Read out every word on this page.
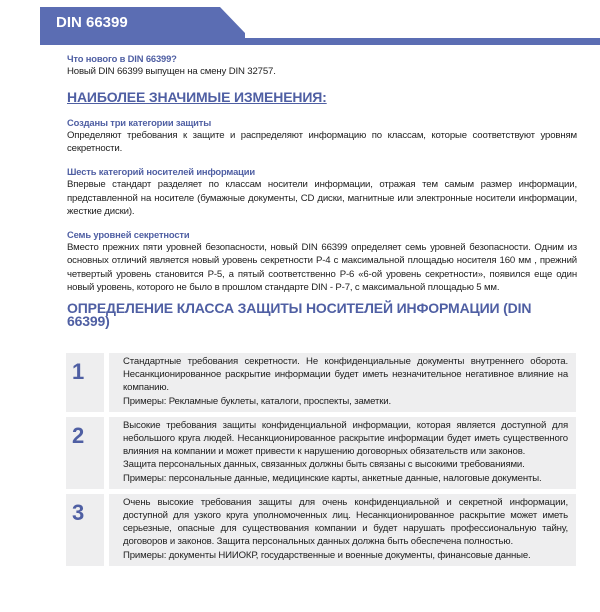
DIN 66399
Что нового в DIN 66399?
Новый DIN 66399 выпущен на смену DIN 32757.
НАИБОЛЕЕ ЗНАЧИМЫЕ ИЗМЕНЕНИЯ:
Созданы три категории защиты
Определяют требования к защите и распределяют информацию по классам, которые соответствуют уровням секретности.
Шесть категорий носителей информации
Впервые стандарт разделяет по классам носители информации, отражая тем самым размер информации, представленной на носителе (бумажные документы, CD диски, магнитные или электронные носители информации, жесткие диски).
Семь уровней секретности
Вместо прежних пяти уровней безопасности, новый DIN 66399 определяет семь уровней безопасности. Одним из основных отличий является новый уровень секретности P-4 с максимальной площадью носителя 160 мм , прежний четвертый уровень становится P-5, а пятый соответственно P-6 «6-ой уровень секретности», появился еще один новый уровень, которого не было в прошлом стандарте DIN - P-7, с максимальной площадью 5 мм.
ОПРЕДЕЛЕНИЕ КЛАССА ЗАЩИТЫ НОСИТЕЛЕЙ ИНФОРМАЦИИ (DIN 66399)
1	Стандартные требования секретности. Не конфиденциальные документы внутреннего оборота. Несанкционированное раскрытие информации будет иметь незначительное негативное влияние на компанию.
Примеры: Рекламные буклеты, каталоги, проспекты, заметки.
2	Высокие требования защиты конфиденциальной информации, которая является доступной для небольшого круга людей. Несанкционированное раскрытие информации будет иметь существенного влияния на компании и может привести к нарушению договорных обязательств или законов.
Защита персональных данных, связанных должны быть связаны с высокими требованиями.
Примеры: персональные данные, медицинские карты, анкетные данные, налоговые документы.
3	Очень высокие требования защиты для очень конфиденциальной и секретной информации, доступной для узкого круга уполномоченных лиц. Несанкционированное раскрытие может иметь серьезные, опасные для существования компании и будет нарушать профессиональную тайну, договоров и законов. Защита персональных данных должна быть обеспечена полностью.
Примеры: документы НИИОКР, государственные и военные документы, финансовые данные.
